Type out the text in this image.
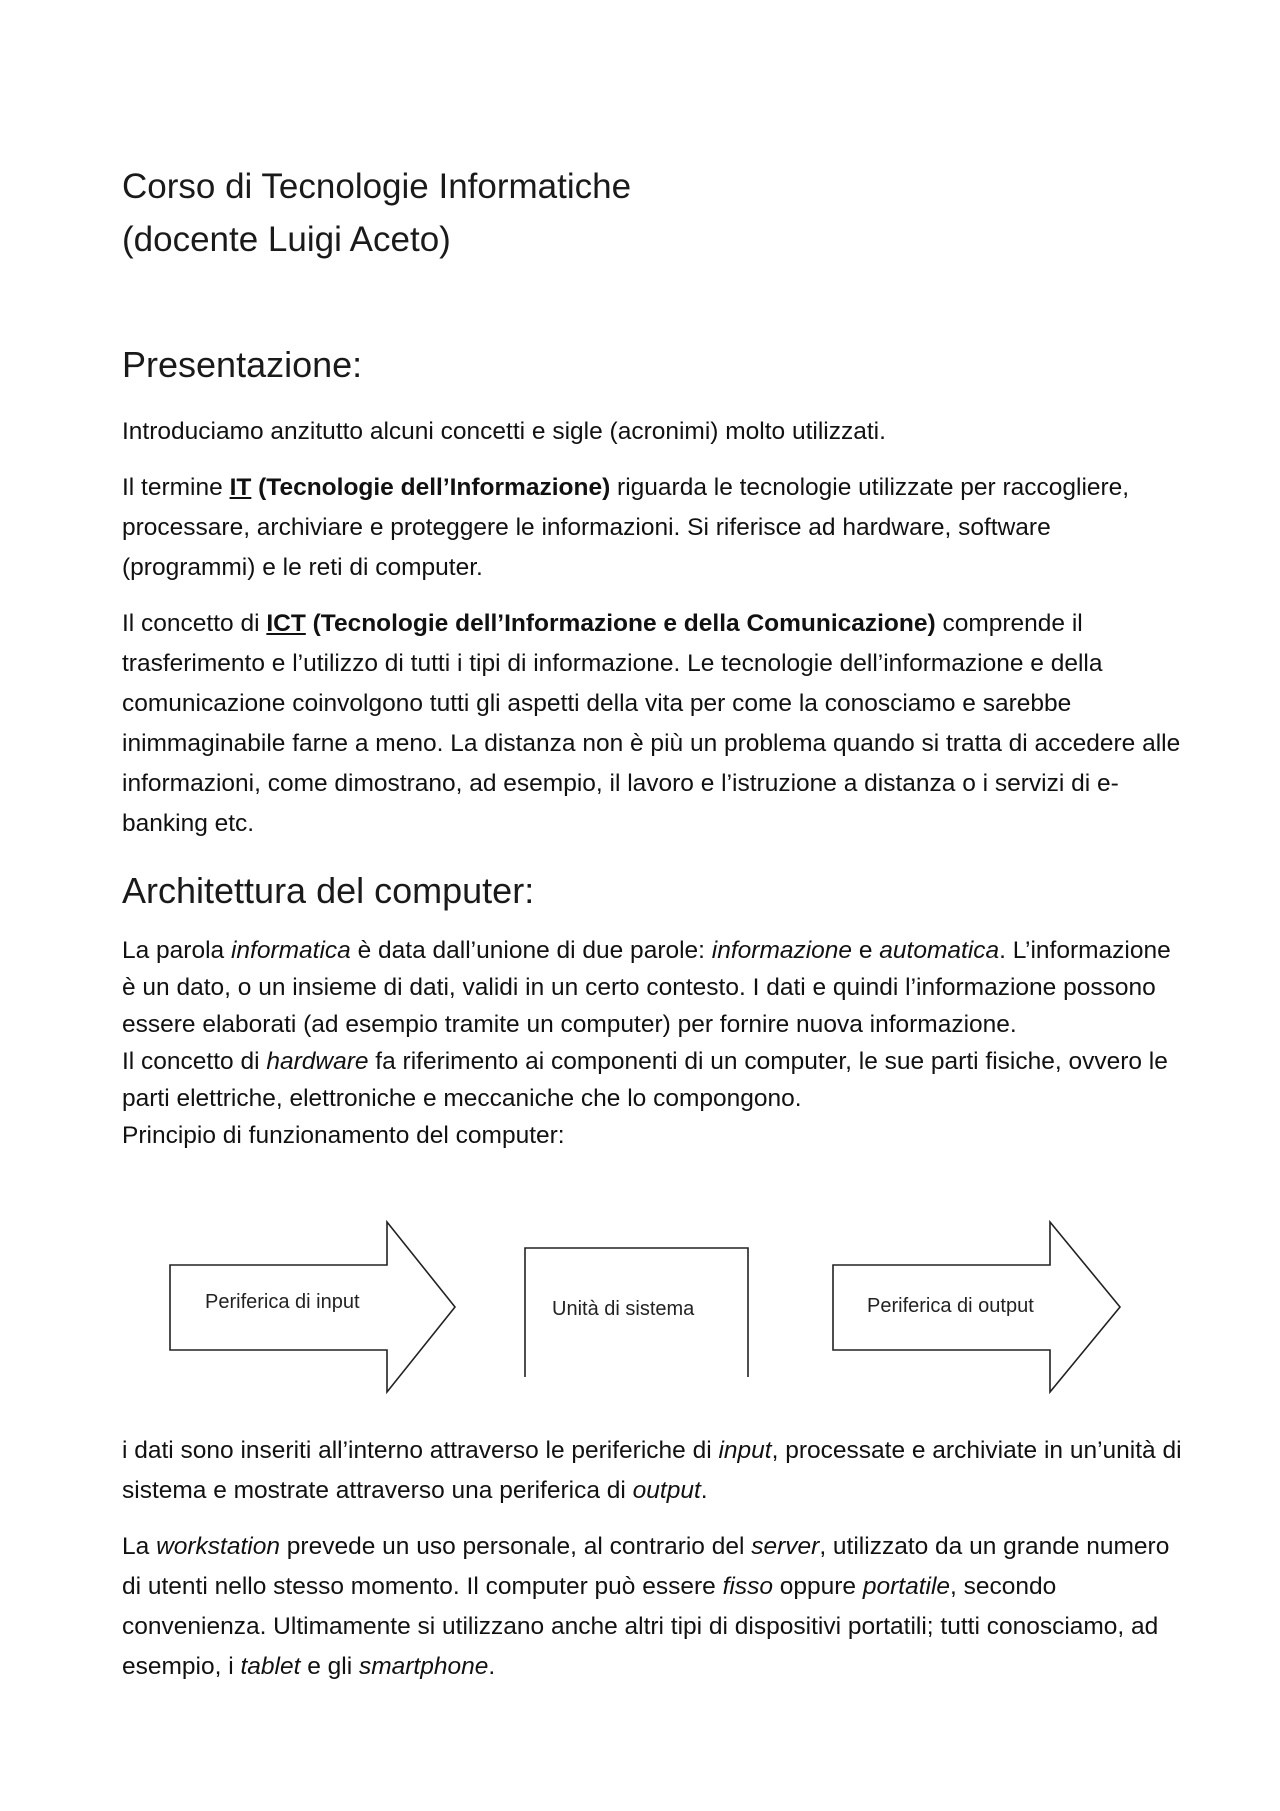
Corso di Tecnologie Informatiche

(docente Luigi Aceto)

Presentazione:

Introduciamo anzitutto alcuni concetti e sigle (acronimi) molto utilizzati.

Il termine IT (Tecnologie dell’Informazione) riguarda le tecnologie utilizzate per raccogliere, processare, archiviare e proteggere le informazioni. Si riferisce ad hardware, software (programmi) e le reti di computer.

Il concetto di ICT (Tecnologie dell’Informazione e della Comunicazione) comprende il trasferimento e l’utilizzo di tutti i tipi di informazione. Le tecnologie dell’informazione e della comunicazione coinvolgono tutti gli aspetti della vita per come la conosciamo e sarebbe inimmaginabile farne a meno. La distanza non è più un problema quando si tratta di accedere alle informazioni, come dimostrano, ad esempio, il lavoro e l’istruzione a distanza o i servizi di e-banking etc.

Architettura del computer:

La parola informatica è data dall’unione di due parole: informazione e automatica. L’informazione è un dato, o un insieme di dati, validi in un certo contesto. I dati e quindi l’informazione possono essere elaborati (ad esempio tramite un computer) per fornire nuova informazione.

Il concetto di hardware fa riferimento ai componenti di un computer, le sue parti fisiche, ovvero le parti elettriche, elettroniche e meccaniche che lo compongono.

Principio di funzionamento del computer:

Periferica di input	Unità di sistema	Periferica di output

i dati sono inseriti all’interno attraverso le periferiche di input, processate e archiviate in un’unità di sistema e mostrate attraverso una periferica di output.

La workstation prevede un uso personale, al contrario del server, utilizzato da un grande numero di utenti nello stesso momento. Il computer può essere fisso oppure portatile, secondo convenienza. Ultimamente si utilizzano anche altri tipi di dispositivi portatili; tutti conosciamo, ad esempio, i tablet e gli smartphone.
